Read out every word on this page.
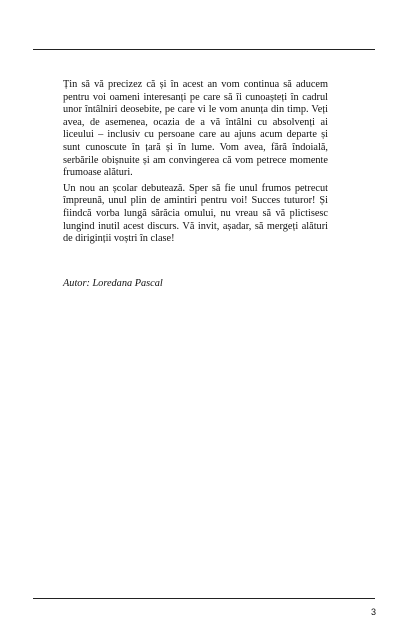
Țin să vă precizez că și în acest an vom continua să aducem pentru voi oameni interesanți pe care să îi cunoașteți în cadrul unor întâlniri deosebite, pe care vi le vom anunța din timp. Veți avea, de asemenea, ocazia de a vă întâlni cu absolvenți ai liceului – inclusiv cu persoane care au ajuns acum departe și sunt cunoscute în țară și în lume. Vom avea, fără îndoială, serbările obișnuite și am convingerea că vom petrece momente frumoase alături.

Un nou an școlar debutează. Sper să fie unul frumos petrecut împreună, unul plin de amintiri pentru voi! Succes tuturor! Și fiindcă vorba lungă sărăcia omului, nu vreau să vă plictisesc lungind inutil acest discurs. Vă invit, așadar, să mergeți alături de diriginții voștri în clase!

Autor: Loredana Pascal

3
